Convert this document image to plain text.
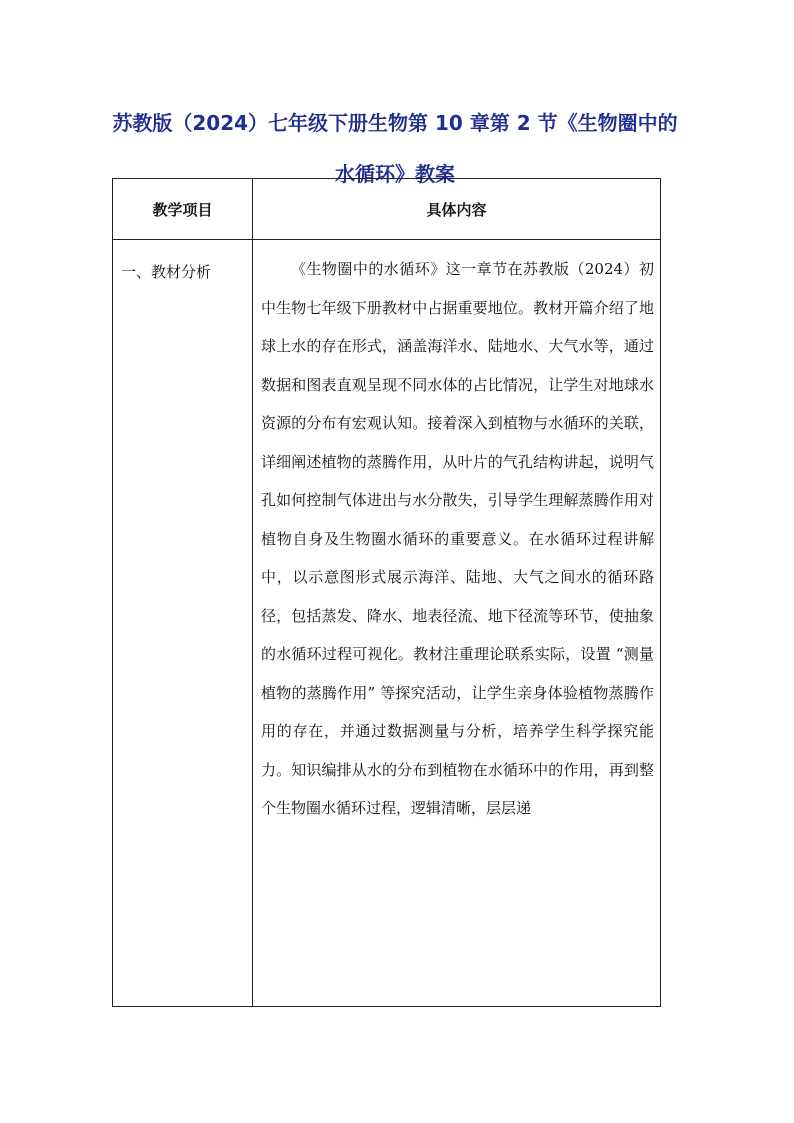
苏教版（2024）七年级下册生物第 10 章第 2 节《生物圈中的水循环》教案
教学项目	具体内容
一、教材分析	《生物圈中的水循环》这一章节在苏教版（2024）初中生物七年级下册教材中占据重要地位。教材开篇介绍了地球上水的存在形式，涵盖海洋水、陆地水、大气水等，通过数据和图表直观呈现不同水体的占比情况，让学生对地球水资源的分布有宏观认知。接着深入到植物与水循环的关联，详细阐述植物的蒸腾作用，从叶片的气孔结构讲起，说明气孔如何控制气体进出与水分散失，引导学生理解蒸腾作用对植物自身及生物圈水循环的重要意义。在水循环过程讲解中，以示意图形式展示海洋、陆地、大气之间水的循环路径，包括蒸发、降水、地表径流、地下径流等环节，使抽象的水循环过程可视化。教材注重理论联系实际，设置 “测量植物的蒸腾作用” 等探究活动，让学生亲身体验植物蒸腾作用的存在，并通过数据测量与分析，培养学生科学探究能力。知识编排从水的分布到植物在水循环中的作用，再到整个生物圈水循环过程，逻辑清晰，层层递
